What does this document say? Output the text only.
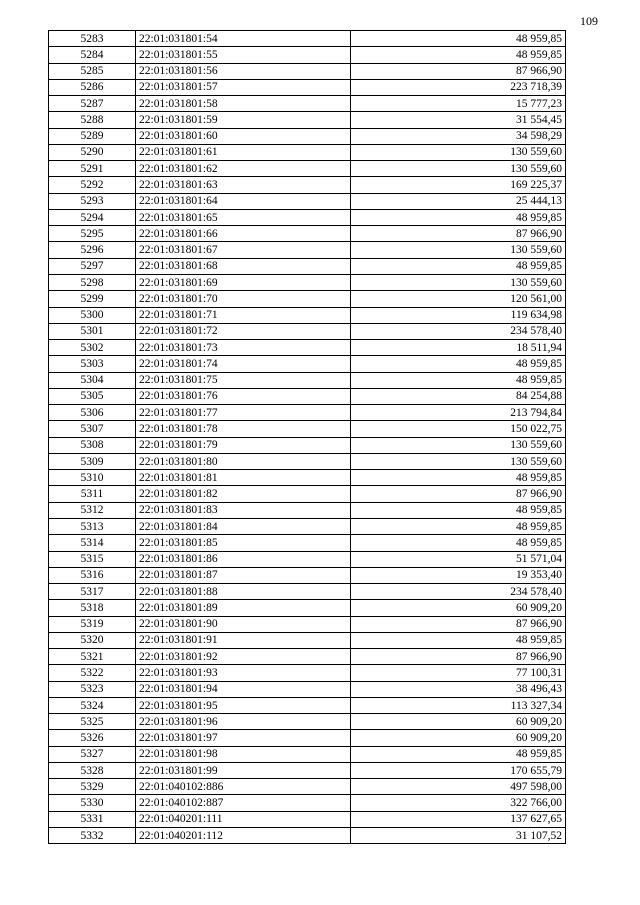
109
5283	22:01:031801:54	48 959,85
5284	22:01:031801:55	48 959,85
5285	22:01:031801:56	87 966,90
5286	22:01:031801:57	223 718,39
5287	22:01:031801:58	15 777,23
5288	22:01:031801:59	31 554,45
5289	22:01:031801:60	34 598,29
5290	22:01:031801:61	130 559,60
5291	22:01:031801:62	130 559,60
5292	22:01:031801:63	169 225,37
5293	22:01:031801:64	25 444,13
5294	22:01:031801:65	48 959,85
5295	22:01:031801:66	87 966,90
5296	22:01:031801:67	130 559,60
5297	22:01:031801:68	48 959,85
5298	22:01:031801:69	130 559,60
5299	22:01:031801:70	120 561,00
5300	22:01:031801:71	119 634,98
5301	22:01:031801:72	234 578,40
5302	22:01:031801:73	18 511,94
5303	22:01:031801:74	48 959,85
5304	22:01:031801:75	48 959,85
5305	22:01:031801:76	84 254,88
5306	22:01:031801:77	213 794,84
5307	22:01:031801:78	150 022,75
5308	22:01:031801:79	130 559,60
5309	22:01:031801:80	130 559,60
5310	22:01:031801:81	48 959,85
5311	22:01:031801:82	87 966,90
5312	22:01:031801:83	48 959,85
5313	22:01:031801:84	48 959,85
5314	22:01:031801:85	48 959,85
5315	22:01:031801:86	51 571,04
5316	22:01:031801:87	19 353,40
5317	22:01:031801:88	234 578,40
5318	22:01:031801:89	60 909,20
5319	22:01:031801:90	87 966,90
5320	22:01:031801:91	48 959,85
5321	22:01:031801:92	87 966,90
5322	22:01:031801:93	77 100,31
5323	22:01:031801:94	38 496,43
5324	22:01:031801:95	113 327,34
5325	22:01:031801:96	60 909,20
5326	22:01:031801:97	60 909,20
5327	22:01:031801:98	48 959,85
5328	22:01:031801:99	170 655,79
5329	22:01:040102:886	497 598,00
5330	22:01:040102:887	322 766,00
5331	22:01:040201:111	137 627,65
5332	22:01:040201:112	31 107,52
